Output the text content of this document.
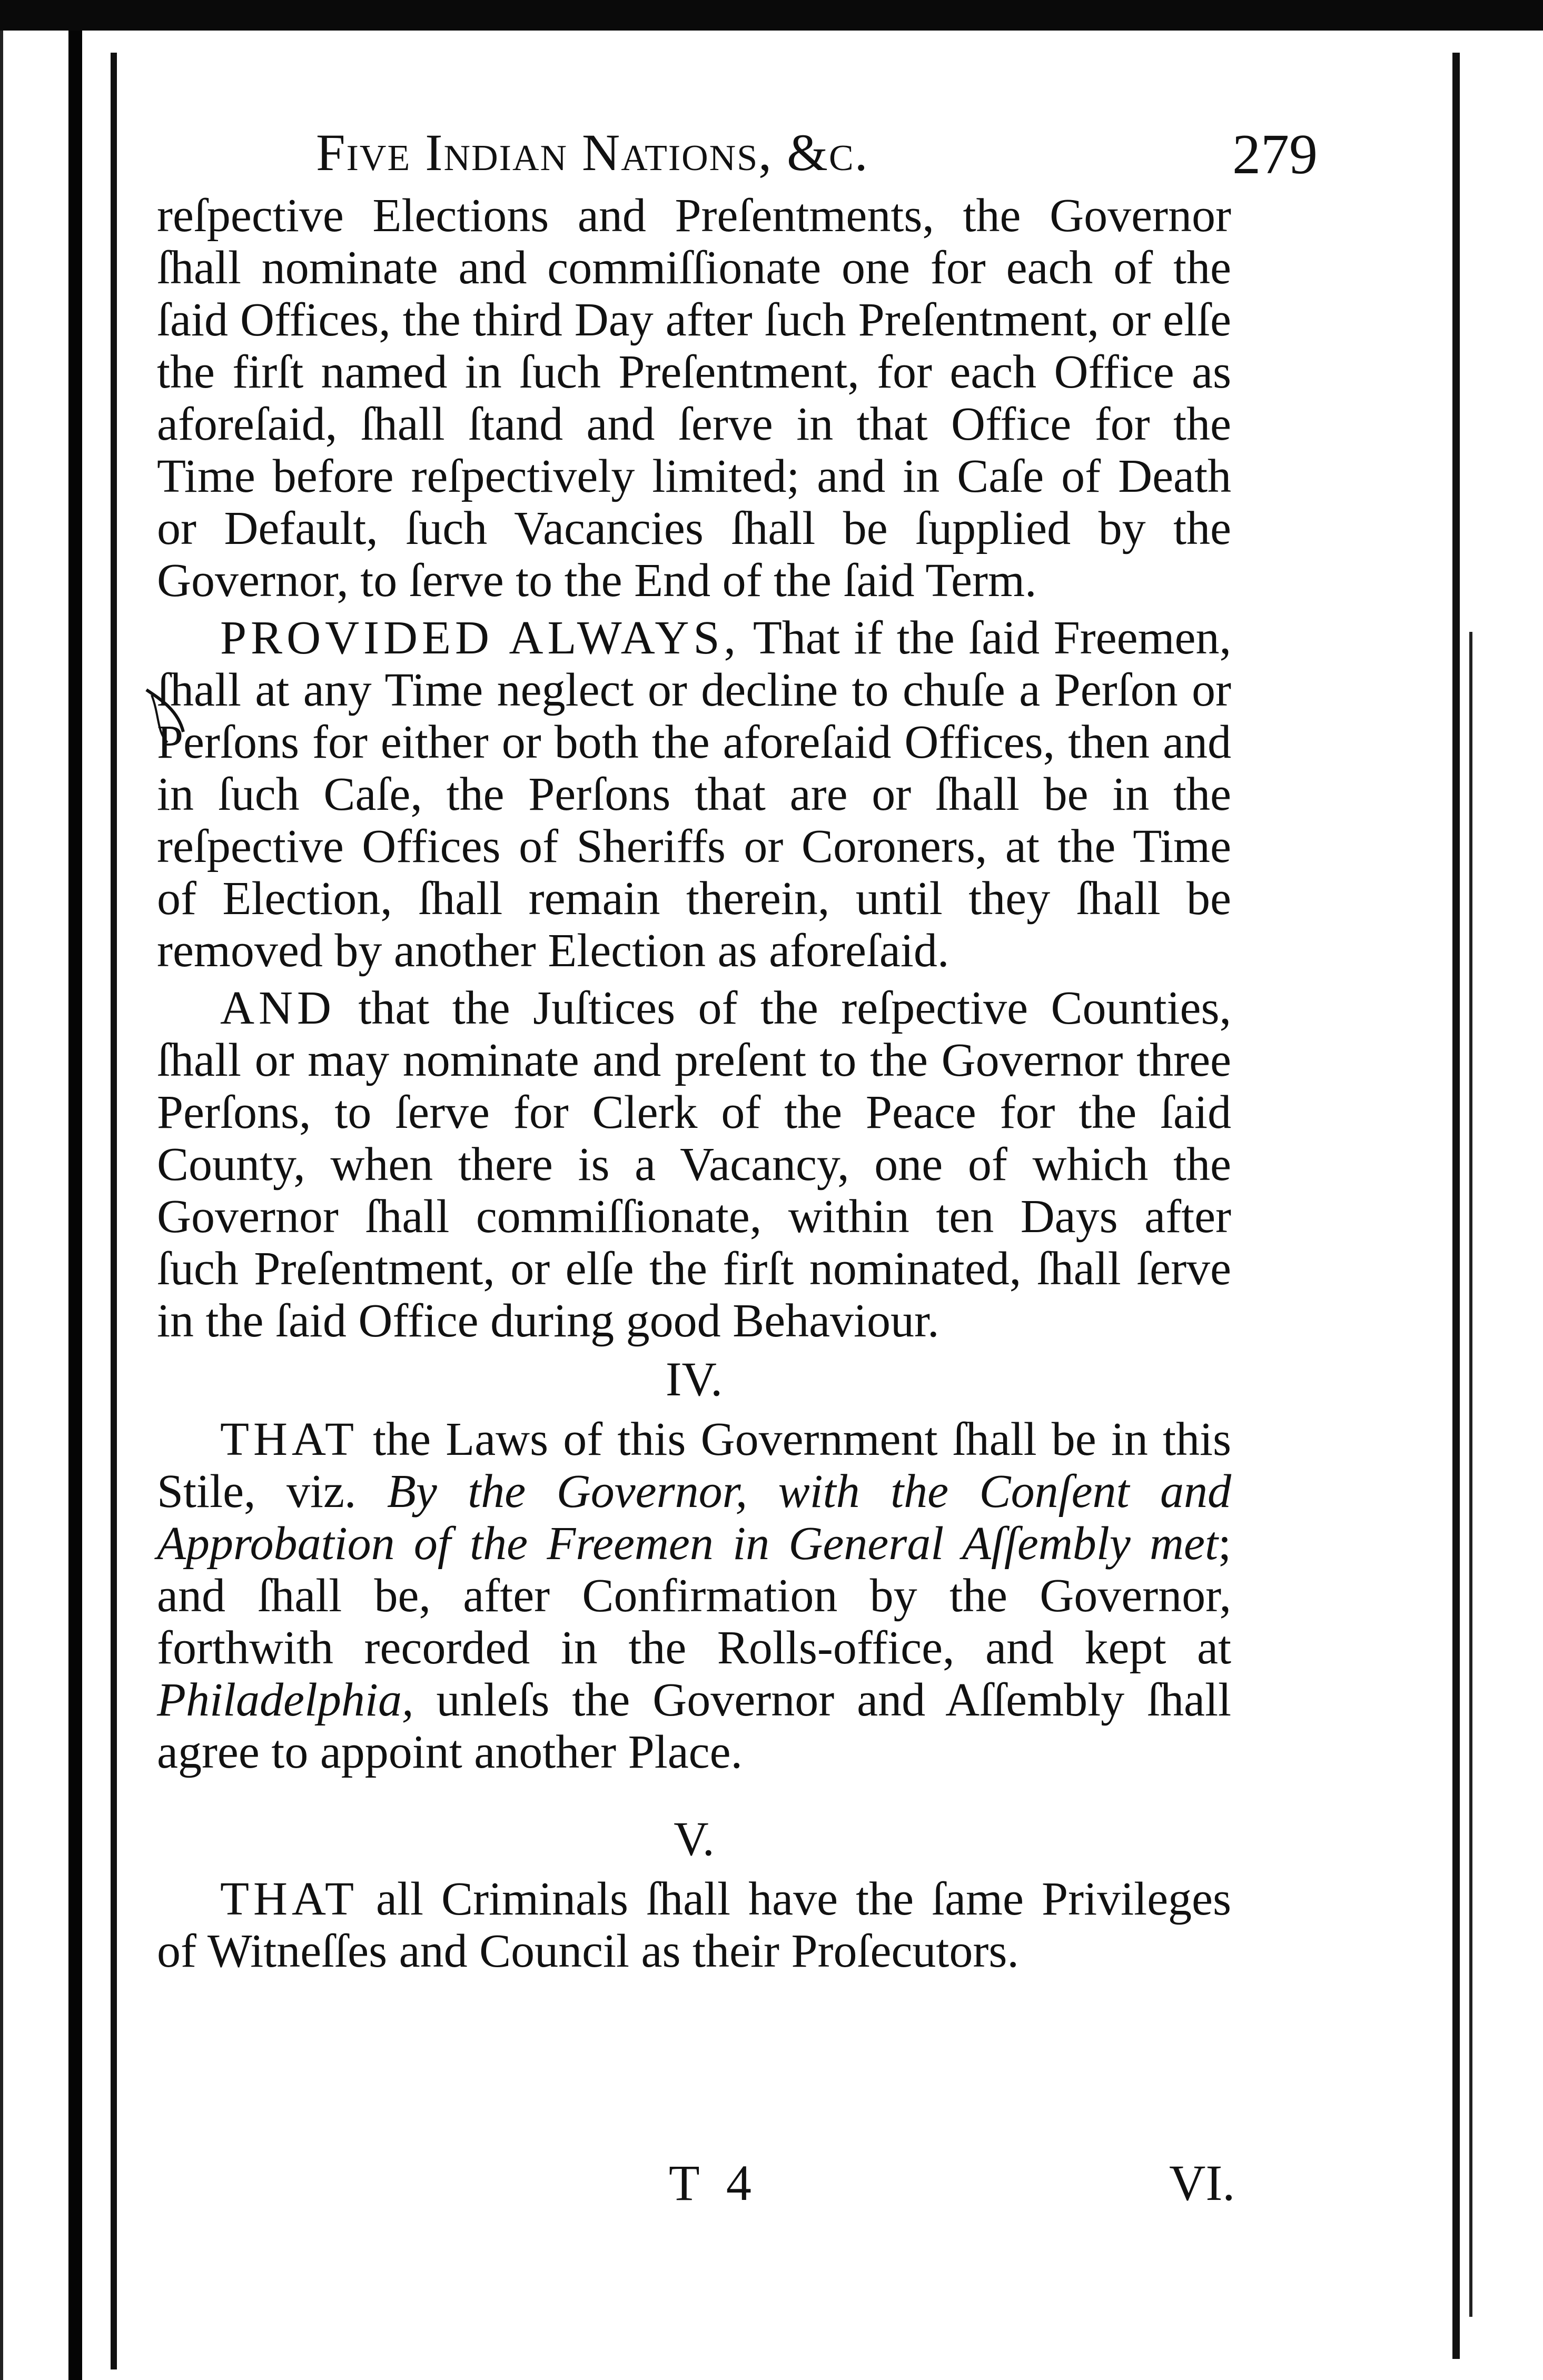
Five Indian Nations, &c.	279

reſpective Elections and Preſentments, the Governor ſhall nominate and commiſſionate one for each of the ſaid Offices, the third Day after ſuch Preſentment, or elſe the firſt named in ſuch Preſentment, for each Office as aforeſaid, ſhall ſtand and ſerve in that Office for the Time before reſpectively limited; and in Caſe of Death or Default, ſuch Vacancies ſhall be ſupplied by the Governor, to ſerve to the End of the ſaid Term.

PROVIDED ALWAYS, That if the ſaid Freemen, ſhall at any Time neglect or decline to chuſe a Perſon or Perſons for either or both the aforeſaid Offices, then and in ſuch Caſe, the Perſons that are or ſhall be in the reſpective Offices of Sheriffs or Coroners, at the Time of Election, ſhall remain therein, until they ſhall be removed by another Election as aforeſaid.

AND that the Juſtices of the reſpective Counties, ſhall or may nominate and preſent to the Governor three Perſons, to ſerve for Clerk of the Peace for the ſaid County, when there is a Vacancy, one of which the Governor ſhall commiſſionate, within ten Days after ſuch Preſentment, or elſe the firſt nominated, ſhall ſerve in the ſaid Office during good Behaviour.

IV.

THAT the Laws of this Government ſhall be in this Stile, viz. By the Governor, with the Conſent and Approbation of the Freemen in General Aſſembly met; and ſhall be, after Confirmation by the Governor, forthwith recorded in the Rolls-office, and kept at Philadelphia, unleſs the Governor and Aſſembly ſhall agree to appoint another Place.

V.

THAT all Criminals ſhall have the ſame Privileges of Witneſſes and Council as their Proſecutors.

T 4	VI.
